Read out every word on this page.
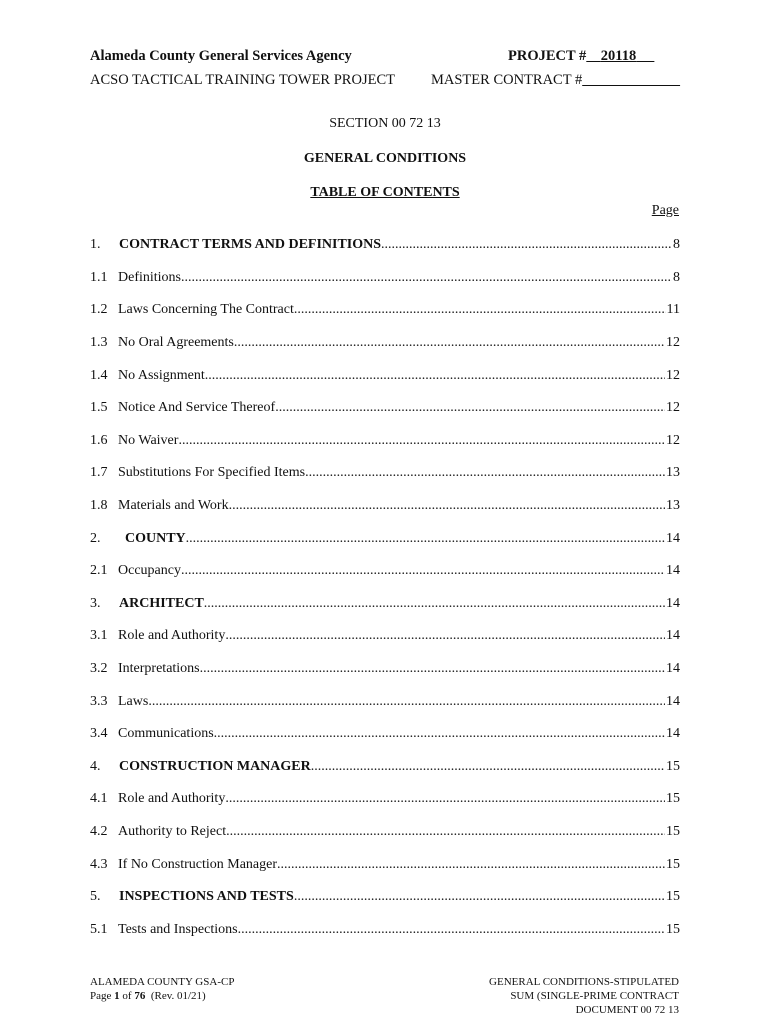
Alameda County General Services Agency	PROJECT # 20118
ACSO TACTICAL TRAINING TOWER PROJECT MASTER CONTRACT #
SECTION 00 72 13
GENERAL CONDITIONS
TABLE OF CONTENTS
Page
1.	CONTRACT TERMS AND DEFINITIONS .....	8
1.1 Definitions .....	8
1.2 Laws Concerning The Contract .....	11
1.3 No Oral Agreements .....	12
1.4 No Assignment .....	12
1.5 Notice And Service Thereof .....	12
1.6 No Waiver .....	12
1.7 Substitutions For Specified Items .....	13
1.8 Materials and Work .....	13
2.	COUNTY .....	14
2.1 Occupancy .....	14
3.	ARCHITECT .....	14
3.1 Role and Authority .....	14
3.2 Interpretations .....	14
3.3 Laws .....	14
3.4 Communications .....	14
4.	CONSTRUCTION MANAGER .....	15
4.1 Role and Authority .....	15
4.2 Authority to Reject .....	15
4.3 If No Construction Manager .....	15
5.	INSPECTIONS AND TESTS .....	15
5.1 Tests and Inspections .....	15
ALAMEDA COUNTY GSA-CP
Page 1 of 76 (Rev. 01/21)
GENERAL CONDITIONS-STIPULATED
SUM (SINGLE-PRIME CONTRACT
DOCUMENT 00 72 13
